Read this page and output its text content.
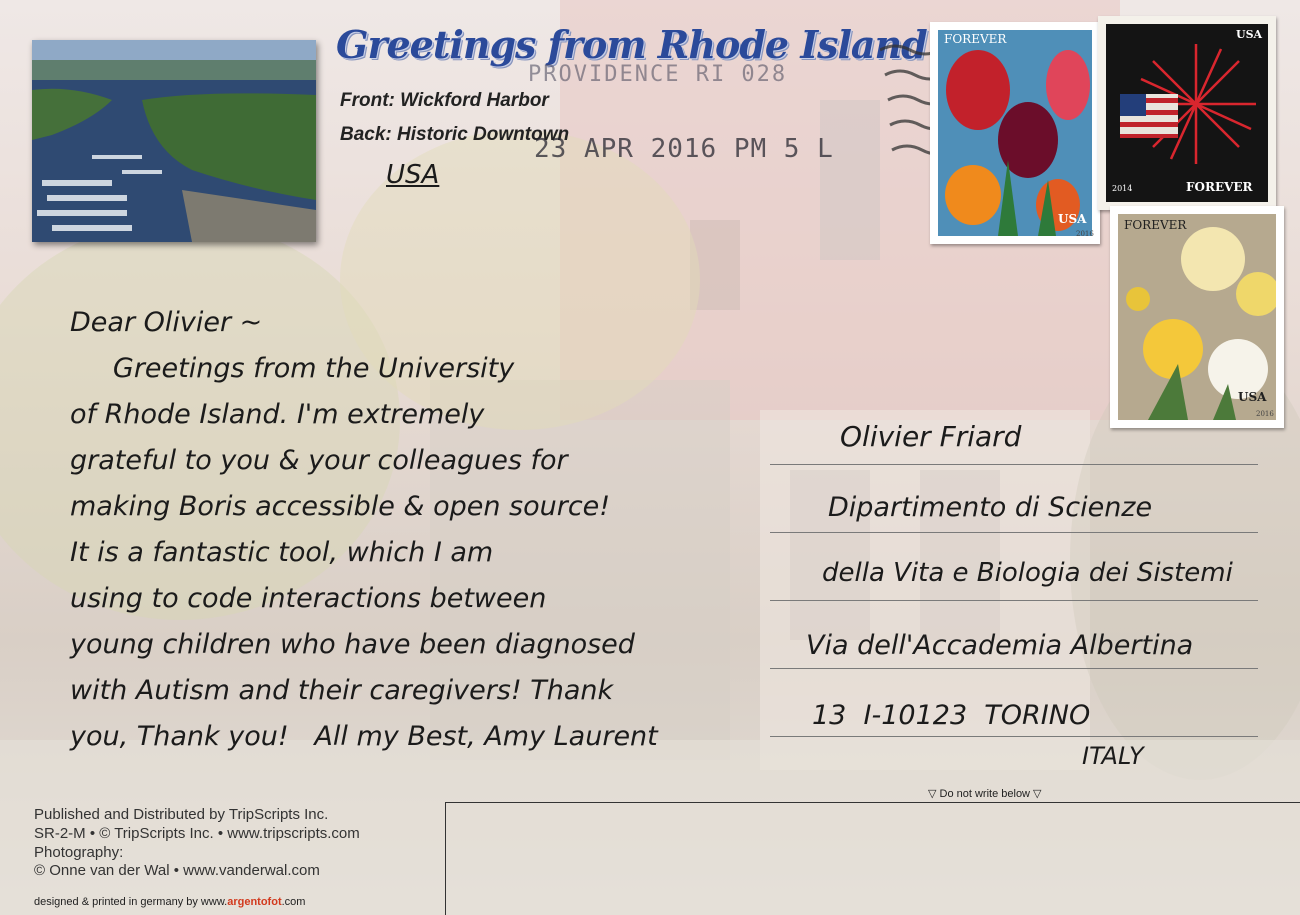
Greetings from Rhode Island
Front: Wickford Harbor
Back: Historic Downtown
PROVIDENCE RI 028
23 APR 2016 PM 5 L
USA
FOREVER
USA
2016
USA
FOREVER
2014
FOREVER
USA
2016
Dear Olivier ~
Greetings from the University
of Rhode Island. I'm extremely
grateful to you & your colleagues for
making Boris accessible & open source!
It is a fantastic tool, which I am
using to code interactions between
young children who have been diagnosed
with Autism and their caregivers! Thank
you, Thank you!   All my Best, Amy Laurent
Olivier Friard
Dipartimento di Scienze
della Vita e Biologia dei Sistemi
Via dell'Accademia Albertina
13  I-10123  TORINO
ITALY
▽ Do not write below ▽
Published and Distributed by TripScripts Inc.
SR-2-M • © TripScripts Inc. • www.tripscripts.com
Photography:
© Onne van der Wal • www.vanderwal.com
designed & printed in germany by www.argentofot.com
